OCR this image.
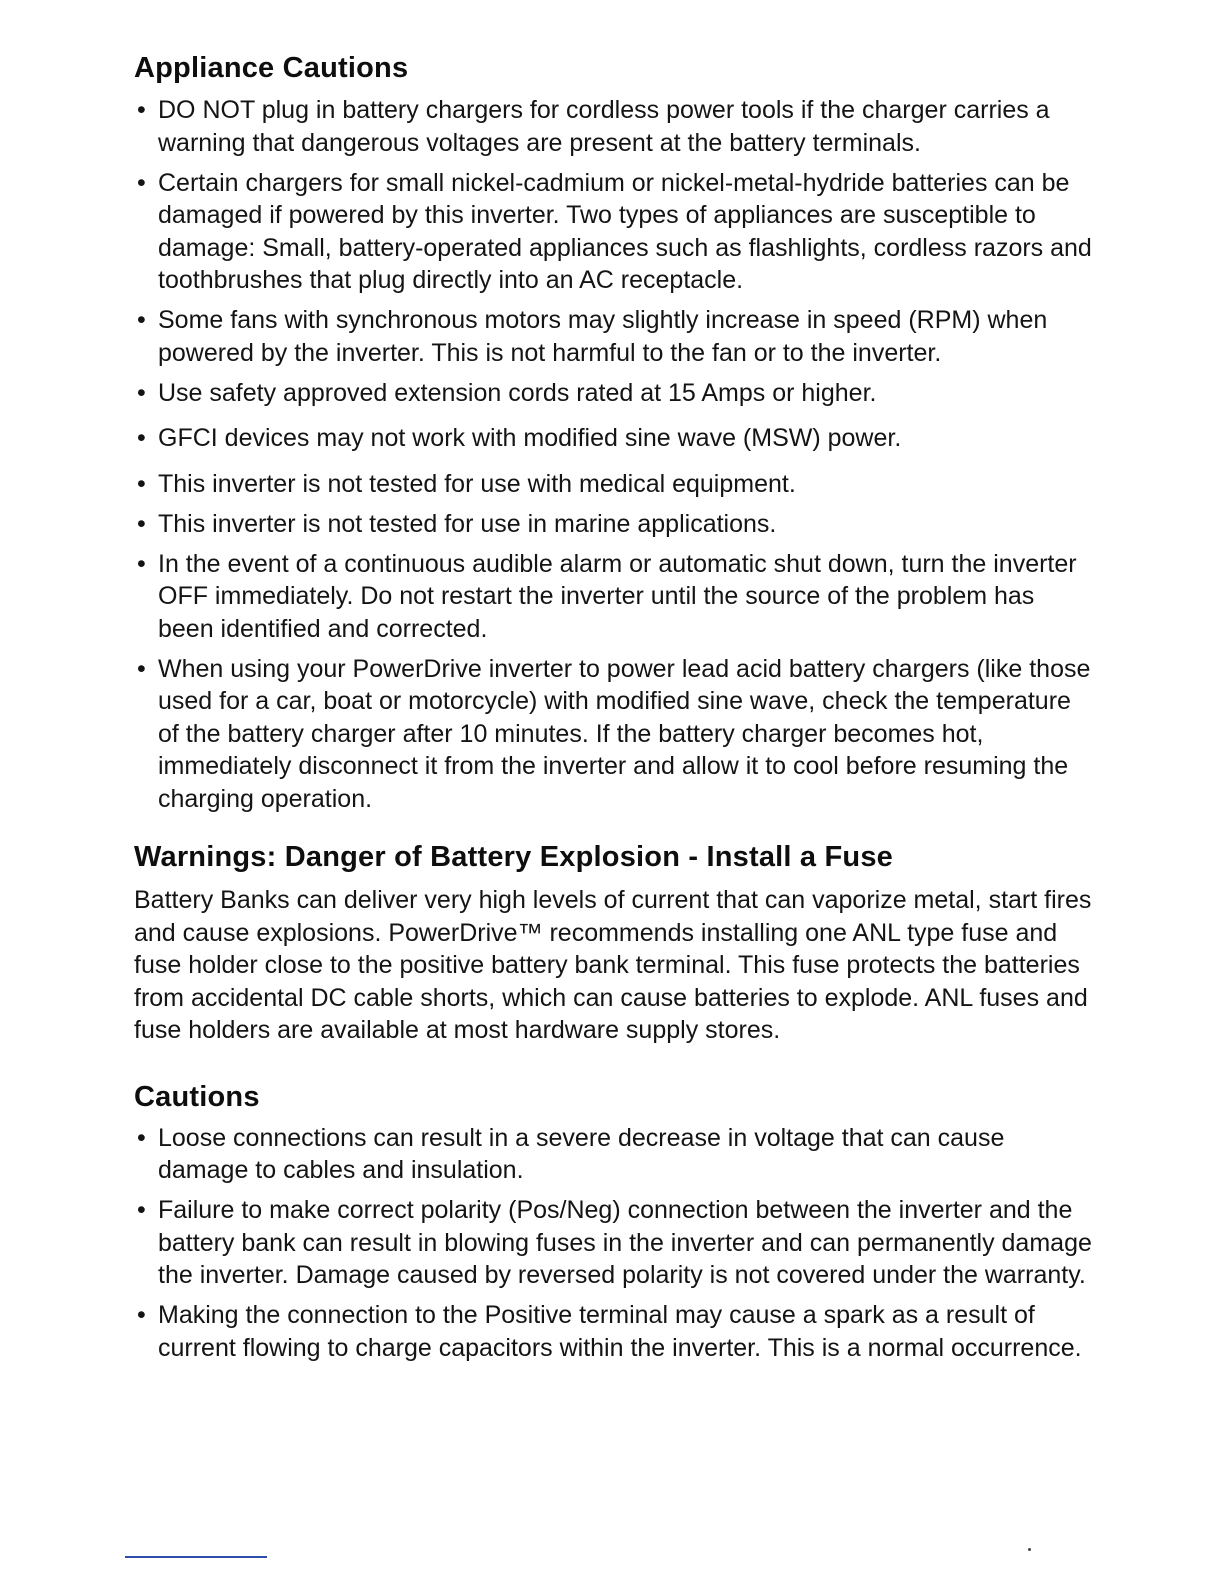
Appliance Cautions
• DO NOT plug in battery chargers for cordless power tools if the charger carries a warning that dangerous voltages are present at the battery terminals.
• Certain chargers for small nickel-cadmium or nickel-metal-hydride batteries can be damaged if powered by this inverter. Two types of appliances are susceptible to damage: Small, battery-operated appliances such as flashlights, cordless razors and toothbrushes that plug directly into an AC receptacle.
• Some fans with synchronous motors may slightly increase in speed (RPM) when powered by the inverter. This is not harmful to the fan or to the inverter.
• Use safety approved extension cords rated at 15 Amps or higher.
• GFCI devices may not work with modified sine wave (MSW) power.
• This inverter is not tested for use with medical equipment.
• This inverter is not tested for use in marine applications.
• In the event of a continuous audible alarm or automatic shut down, turn the inverter OFF immediately. Do not restart the inverter until the source of the problem has been identified and corrected.
• When using your PowerDrive inverter to power lead acid battery chargers (like those used for a car, boat or motorcycle) with modified sine wave, check the temperature of the battery charger after 10 minutes. If the battery charger becomes hot, immediately disconnect it from the inverter and allow it to cool before resuming the charging operation.
Warnings: Danger of Battery Explosion - Install a Fuse

Battery Banks can deliver very high levels of current that can vaporize metal, start fires and cause explosions. PowerDrive™ recommends installing one ANL type fuse and fuse holder close to the positive battery bank terminal. This fuse protects the batteries from accidental DC cable shorts, which can cause batteries to explode. ANL fuses and fuse holders are available at most hardware supply stores.

Cautions
• Loose connections can result in a severe decrease in voltage that can cause damage to cables and insulation.
• Failure to make correct polarity (Pos/Neg) connection between the inverter and the battery bank can result in blowing fuses in the inverter and can permanently damage the inverter. Damage caused by reversed polarity is not covered under the warranty.
• Making the connection to the Positive terminal may cause a spark as a result of current flowing to charge capacitors within the inverter. This is a normal occurrence.
